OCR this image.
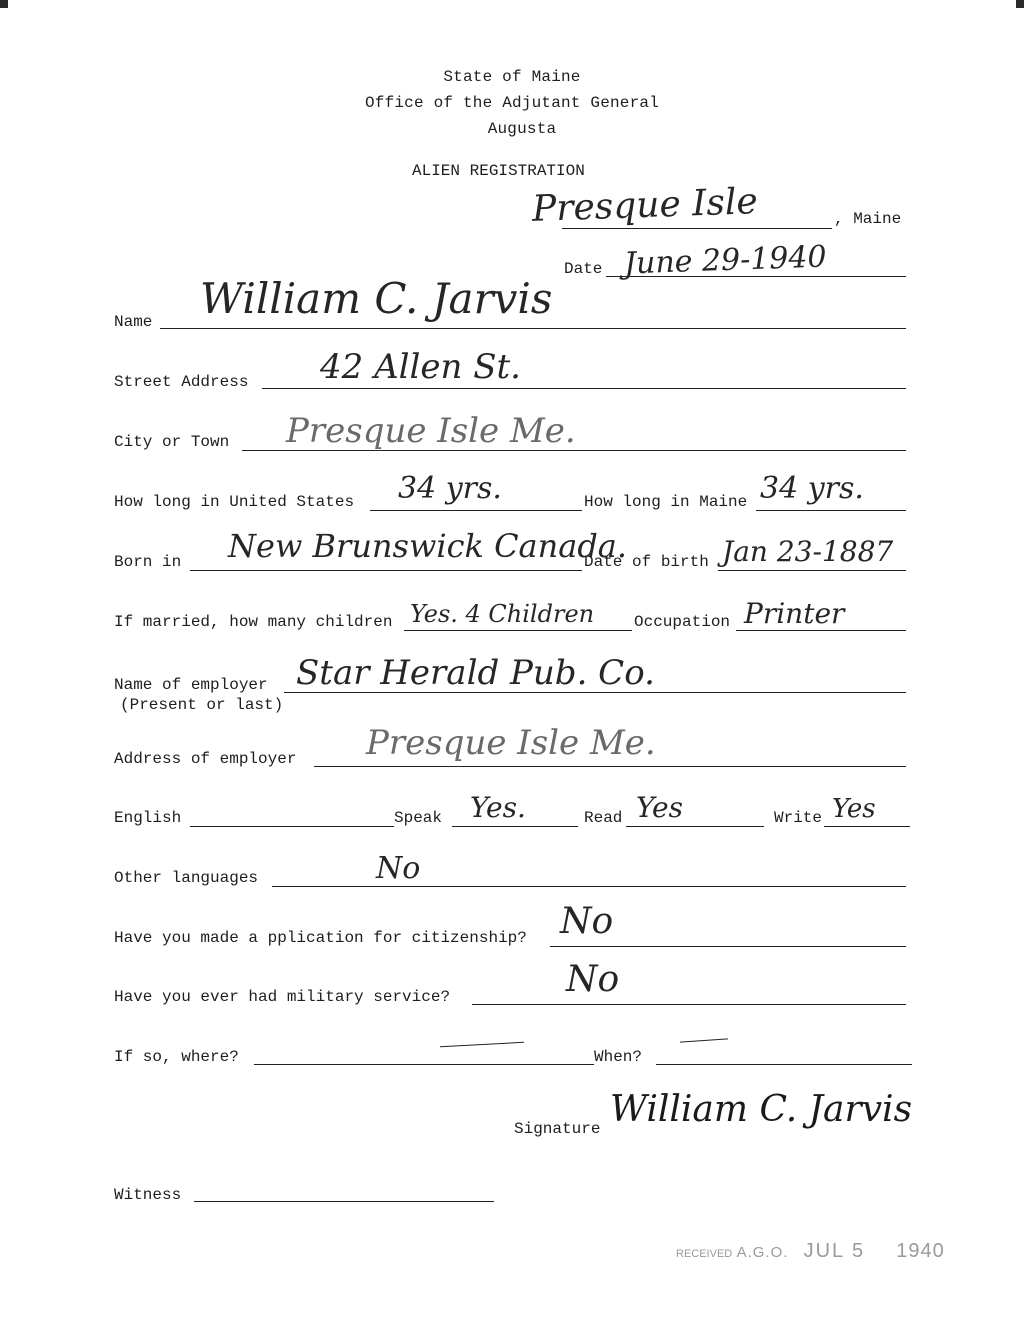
State of Maine
Office of the Adjutant General
Augusta
ALIEN REGISTRATION
Presque Isle	, Maine
Date June 29-1940
Name William C. Jarvis
Street Address 42 Allen St.
City or Town Presque Isle Me.
How long in United States 34 yrs.	How long in Maine 34 yrs.
Born in New Brunswick Canada.
Date of birth Jan 23-1887
If married, how many children Yes. 4 Children Occupation Printer
Name of employer
(Present or last)
Star Herald Pub. Co.
Address of employer Presque Isle Me.
English	Speak Yes.	Read Yes	Write Yes
Other languages	No
Have you made a pplication for citizenship? No
Have you ever had military service?	No
If so, where?	When?
Signature William C. Jarvis
Witness
RECEIVED A.G.O. JUL 5 1940
